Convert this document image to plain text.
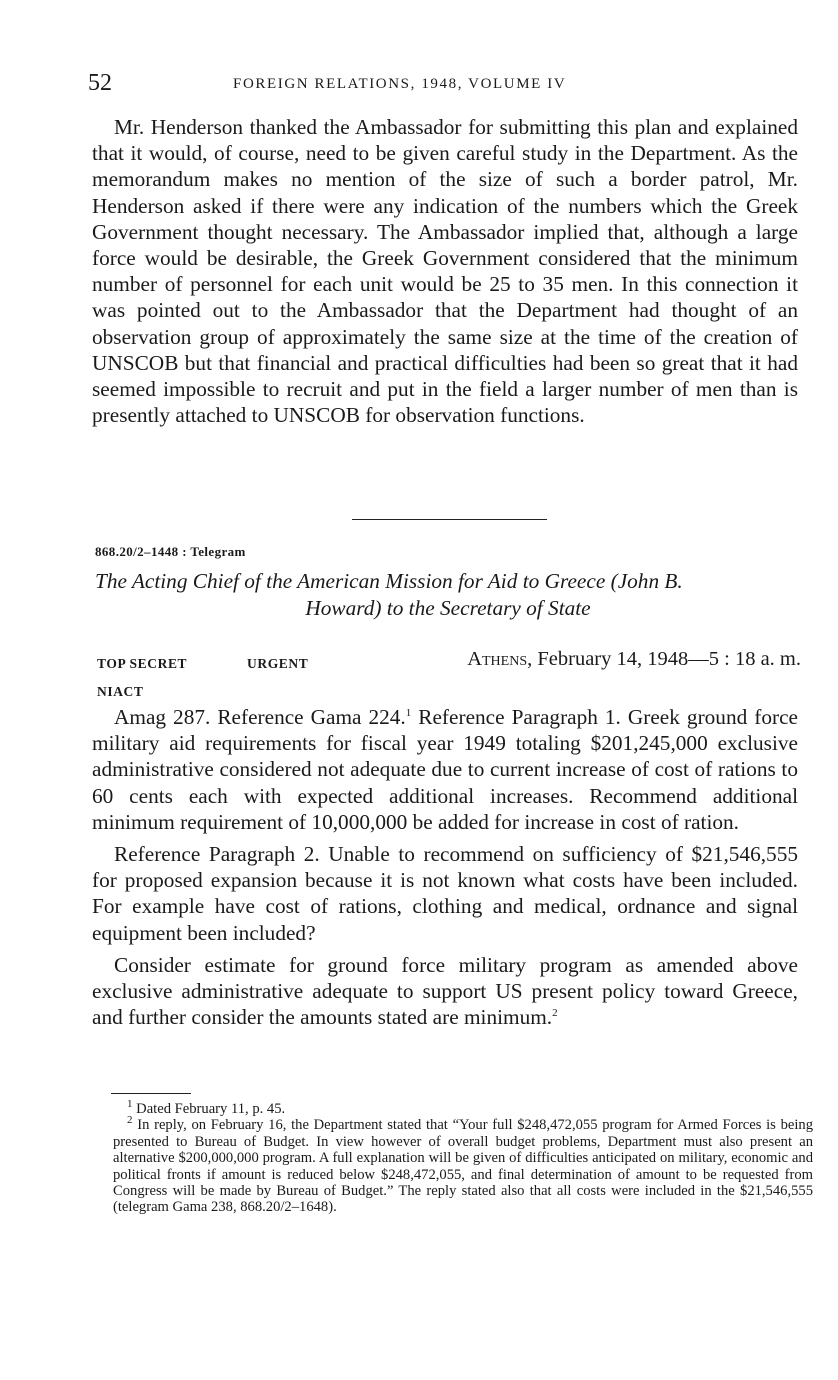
52	FOREIGN RELATIONS, 1948, VOLUME IV

Mr. Henderson thanked the Ambassador for submitting this plan and explained that it would, of course, need to be given careful study in the Department. As the memorandum makes no mention of the size of such a border patrol, Mr. Henderson asked if there were any indication of the numbers which the Greek Government thought necessary. The Ambassador implied that, although a large force would be desirable, the Greek Government considered that the minimum number of personnel for each unit would be 25 to 35 men. In this connection it was pointed out to the Ambassador that the Department had thought of an observation group of approximately the same size at the time of the creation of UNSCOB but that financial and practical difficulties had been so great that it had seemed impossible to recruit and put in the field a larger number of men than is presently attached to UNSCOB for observation functions.

868.20/2–1448 : Telegram
The Acting Chief of the American Mission for Aid to Greece (John B.
Howard) to the Secretary of State
TOP SECRET	URGENT	Athens, February 14, 1948—5 : 18 a. m.
NIACT

Amag 287. Reference Gama 224.$^1$ Reference Paragraph 1. Greek ground force military aid requirements for fiscal year 1949 totaling $201,245,000 exclusive administrative considered not adequate due to current increase of cost of rations to 60 cents each with expected additional increases. Recommend additional minimum requirement of 10,000,000 be added for increase in cost of ration.

Reference Paragraph 2. Unable to recommend on sufficiency of $21,546,555 for proposed expansion because it is not known what costs have been included. For example have cost of rations, clothing and medical, ordnance and signal equipment been included?

Consider estimate for ground force military program as amended above exclusive administrative adequate to support US present policy toward Greece, and further consider the amounts stated are minimum.$^2$

$^1$ Dated February 11, p. 45.

$^2$ In reply, on February 16, the Department stated that “Your full $248,472,055 program for Armed Forces is being presented to Bureau of Budget. In view however of overall budget problems, Department must also present an alternative $200,000,000 program. A full explanation will be given of difficulties anticipated on military, economic and political fronts if amount is reduced below $248,472,055, and final determination of amount to be requested from Congress will be made by Bureau of Budget.” The reply stated also that all costs were included in the $21,546,555 (telegram Gama 238, 868.20/2–1648).
